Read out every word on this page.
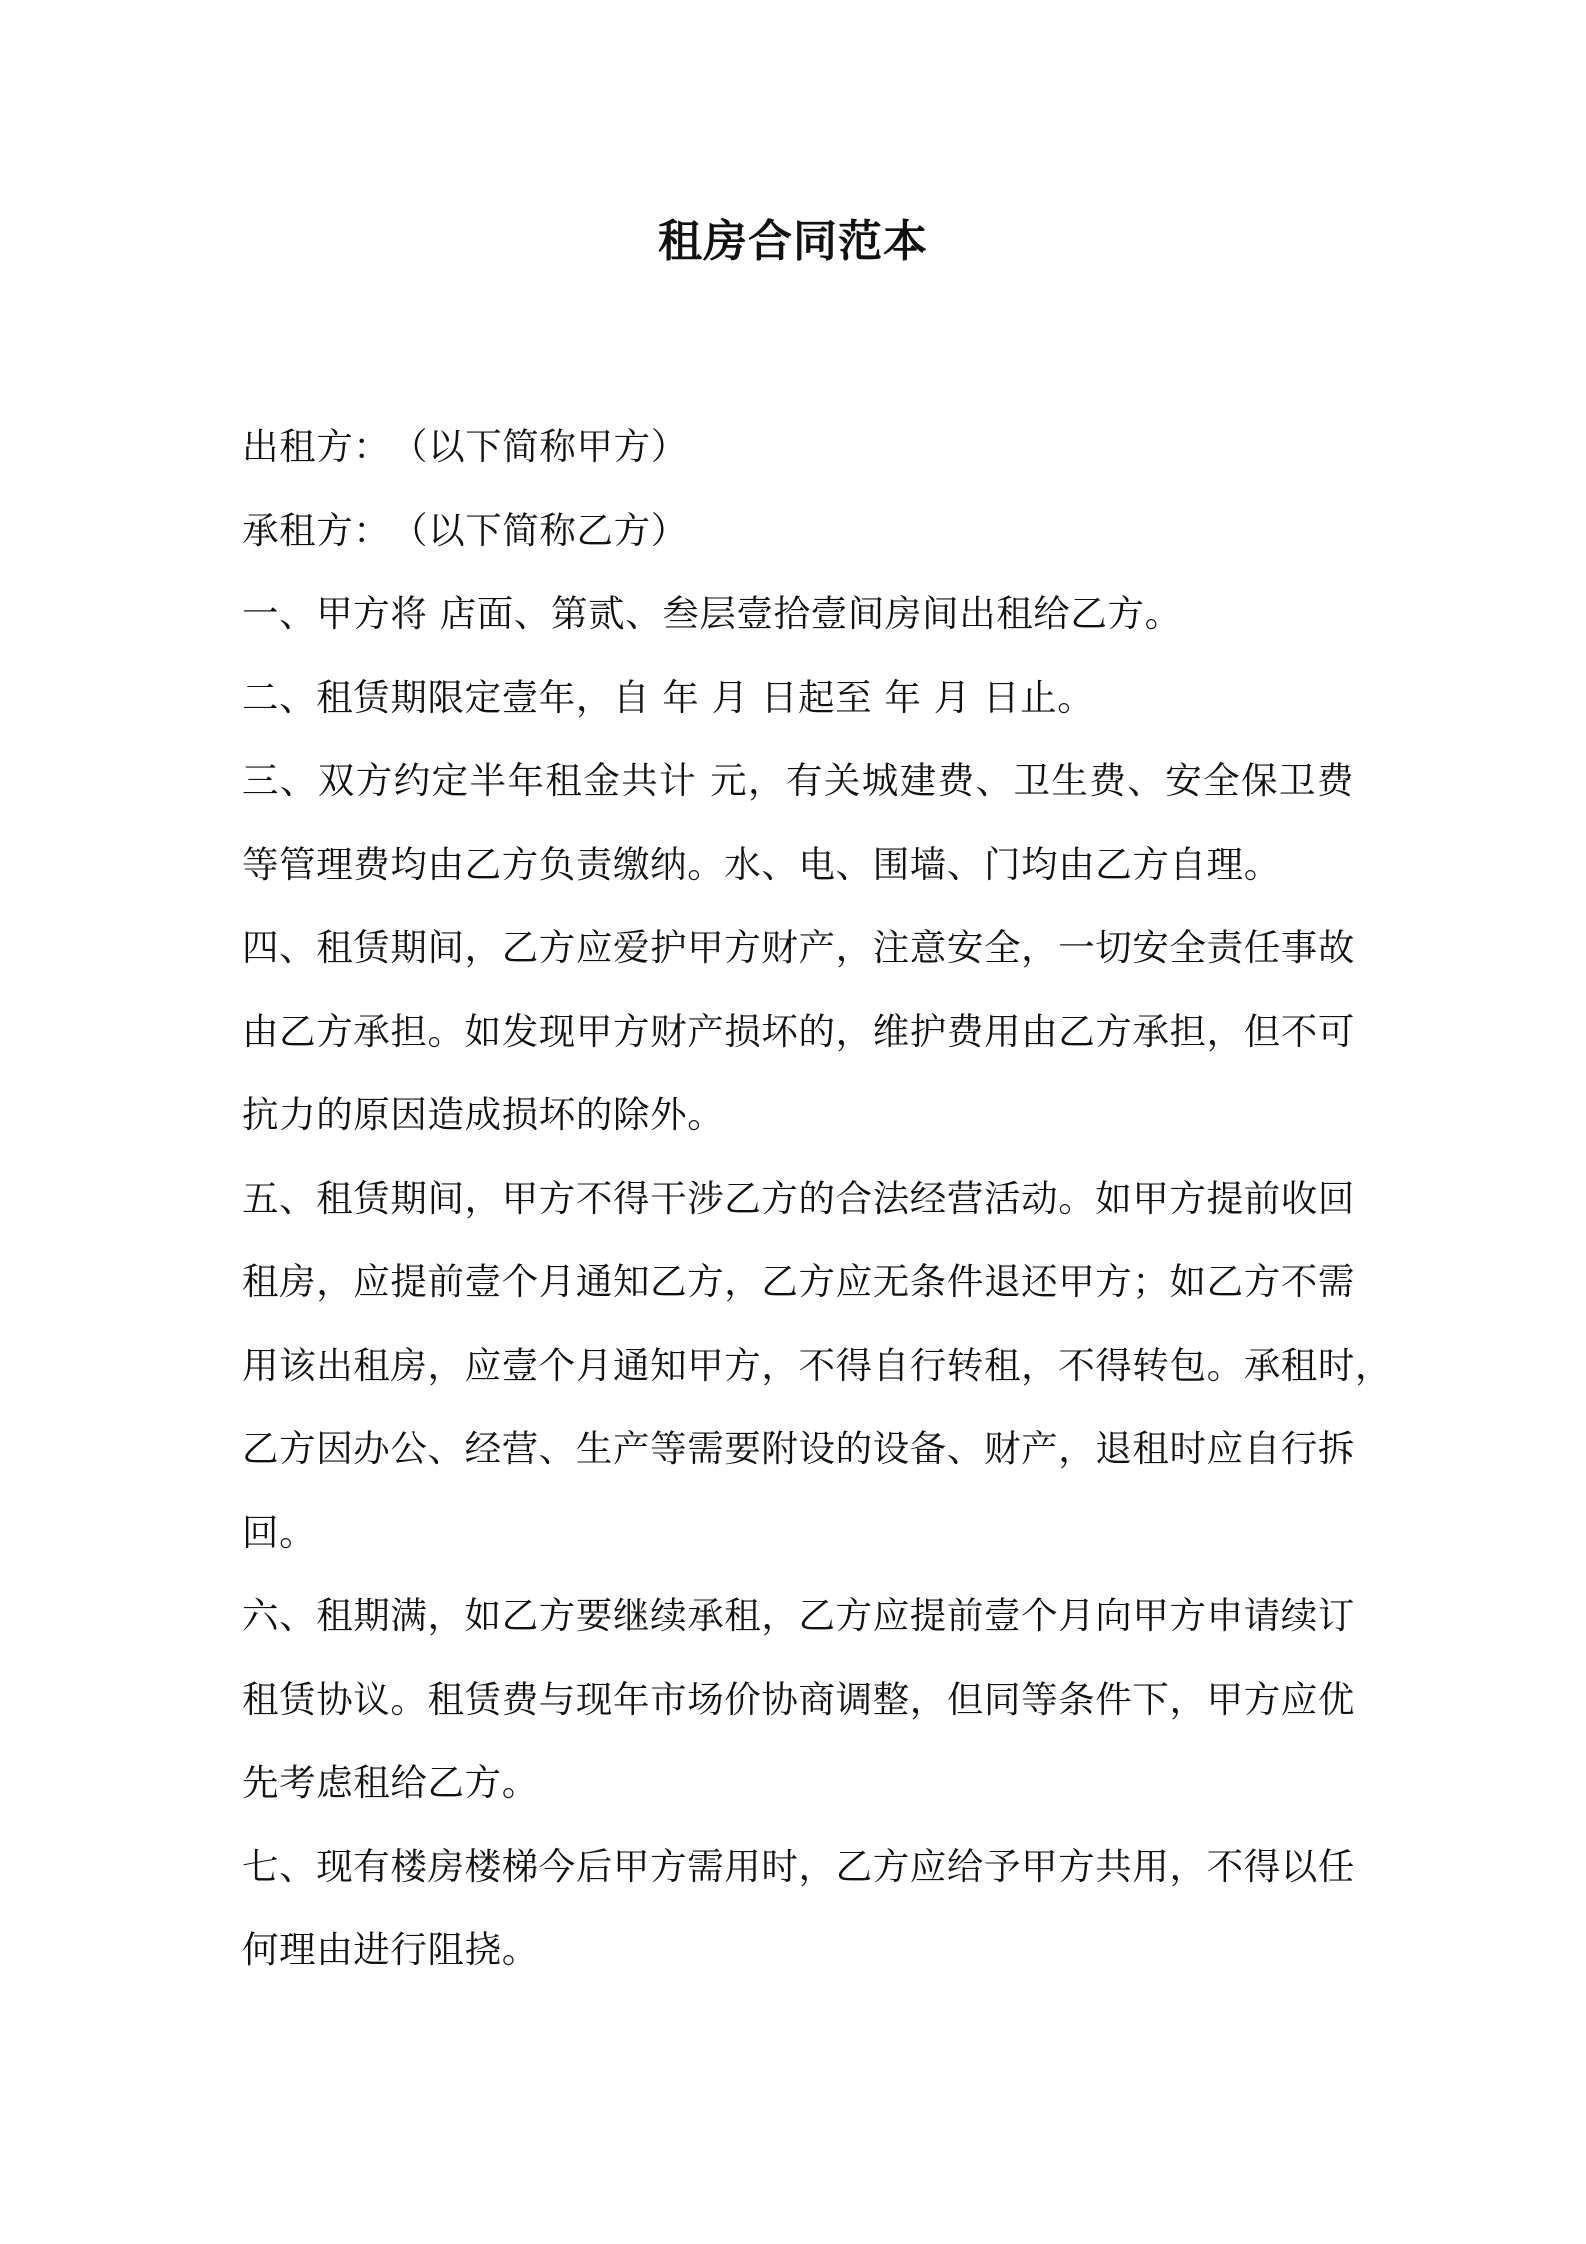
租房合同范本

出租方：　（以下简称甲方）

承租方：　（以下简称乙方）

一、甲方将 店面、第贰、叁层壹拾壹间房间出租给乙方。

二、租赁期限定壹年，自 年 月 日起至 年 月 日止。

三、双方约定半年租金共计 元，有关城建费、卫生费、安全保卫费

等管理费均由乙方负责缴纳。水、电、围墙、门均由乙方自理。

四、租赁期间，乙方应爱护甲方财产，注意安全，一切安全责任事故

由乙方承担。如发现甲方财产损坏的，维护费用由乙方承担，但不可

抗力的原因造成损坏的除外。

五、租赁期间，甲方不得干涉乙方的合法经营活动。如甲方提前收回

租房，应提前壹个月通知乙方，乙方应无条件退还甲方；如乙方不需

用该出租房，应壹个月通知甲方，不得自行转租，不得转包。承租时，

乙方因办公、经营、生产等需要附设的设备、财产，退租时应自行拆

回。

六、租期满，如乙方要继续承租，乙方应提前壹个月向甲方申请续订

租赁协议。租赁费与现年市场价协商调整，但同等条件下，甲方应优

先考虑租给乙方。

七、现有楼房楼梯今后甲方需用时，乙方应给予甲方共用，不得以任

何理由进行阻挠。
